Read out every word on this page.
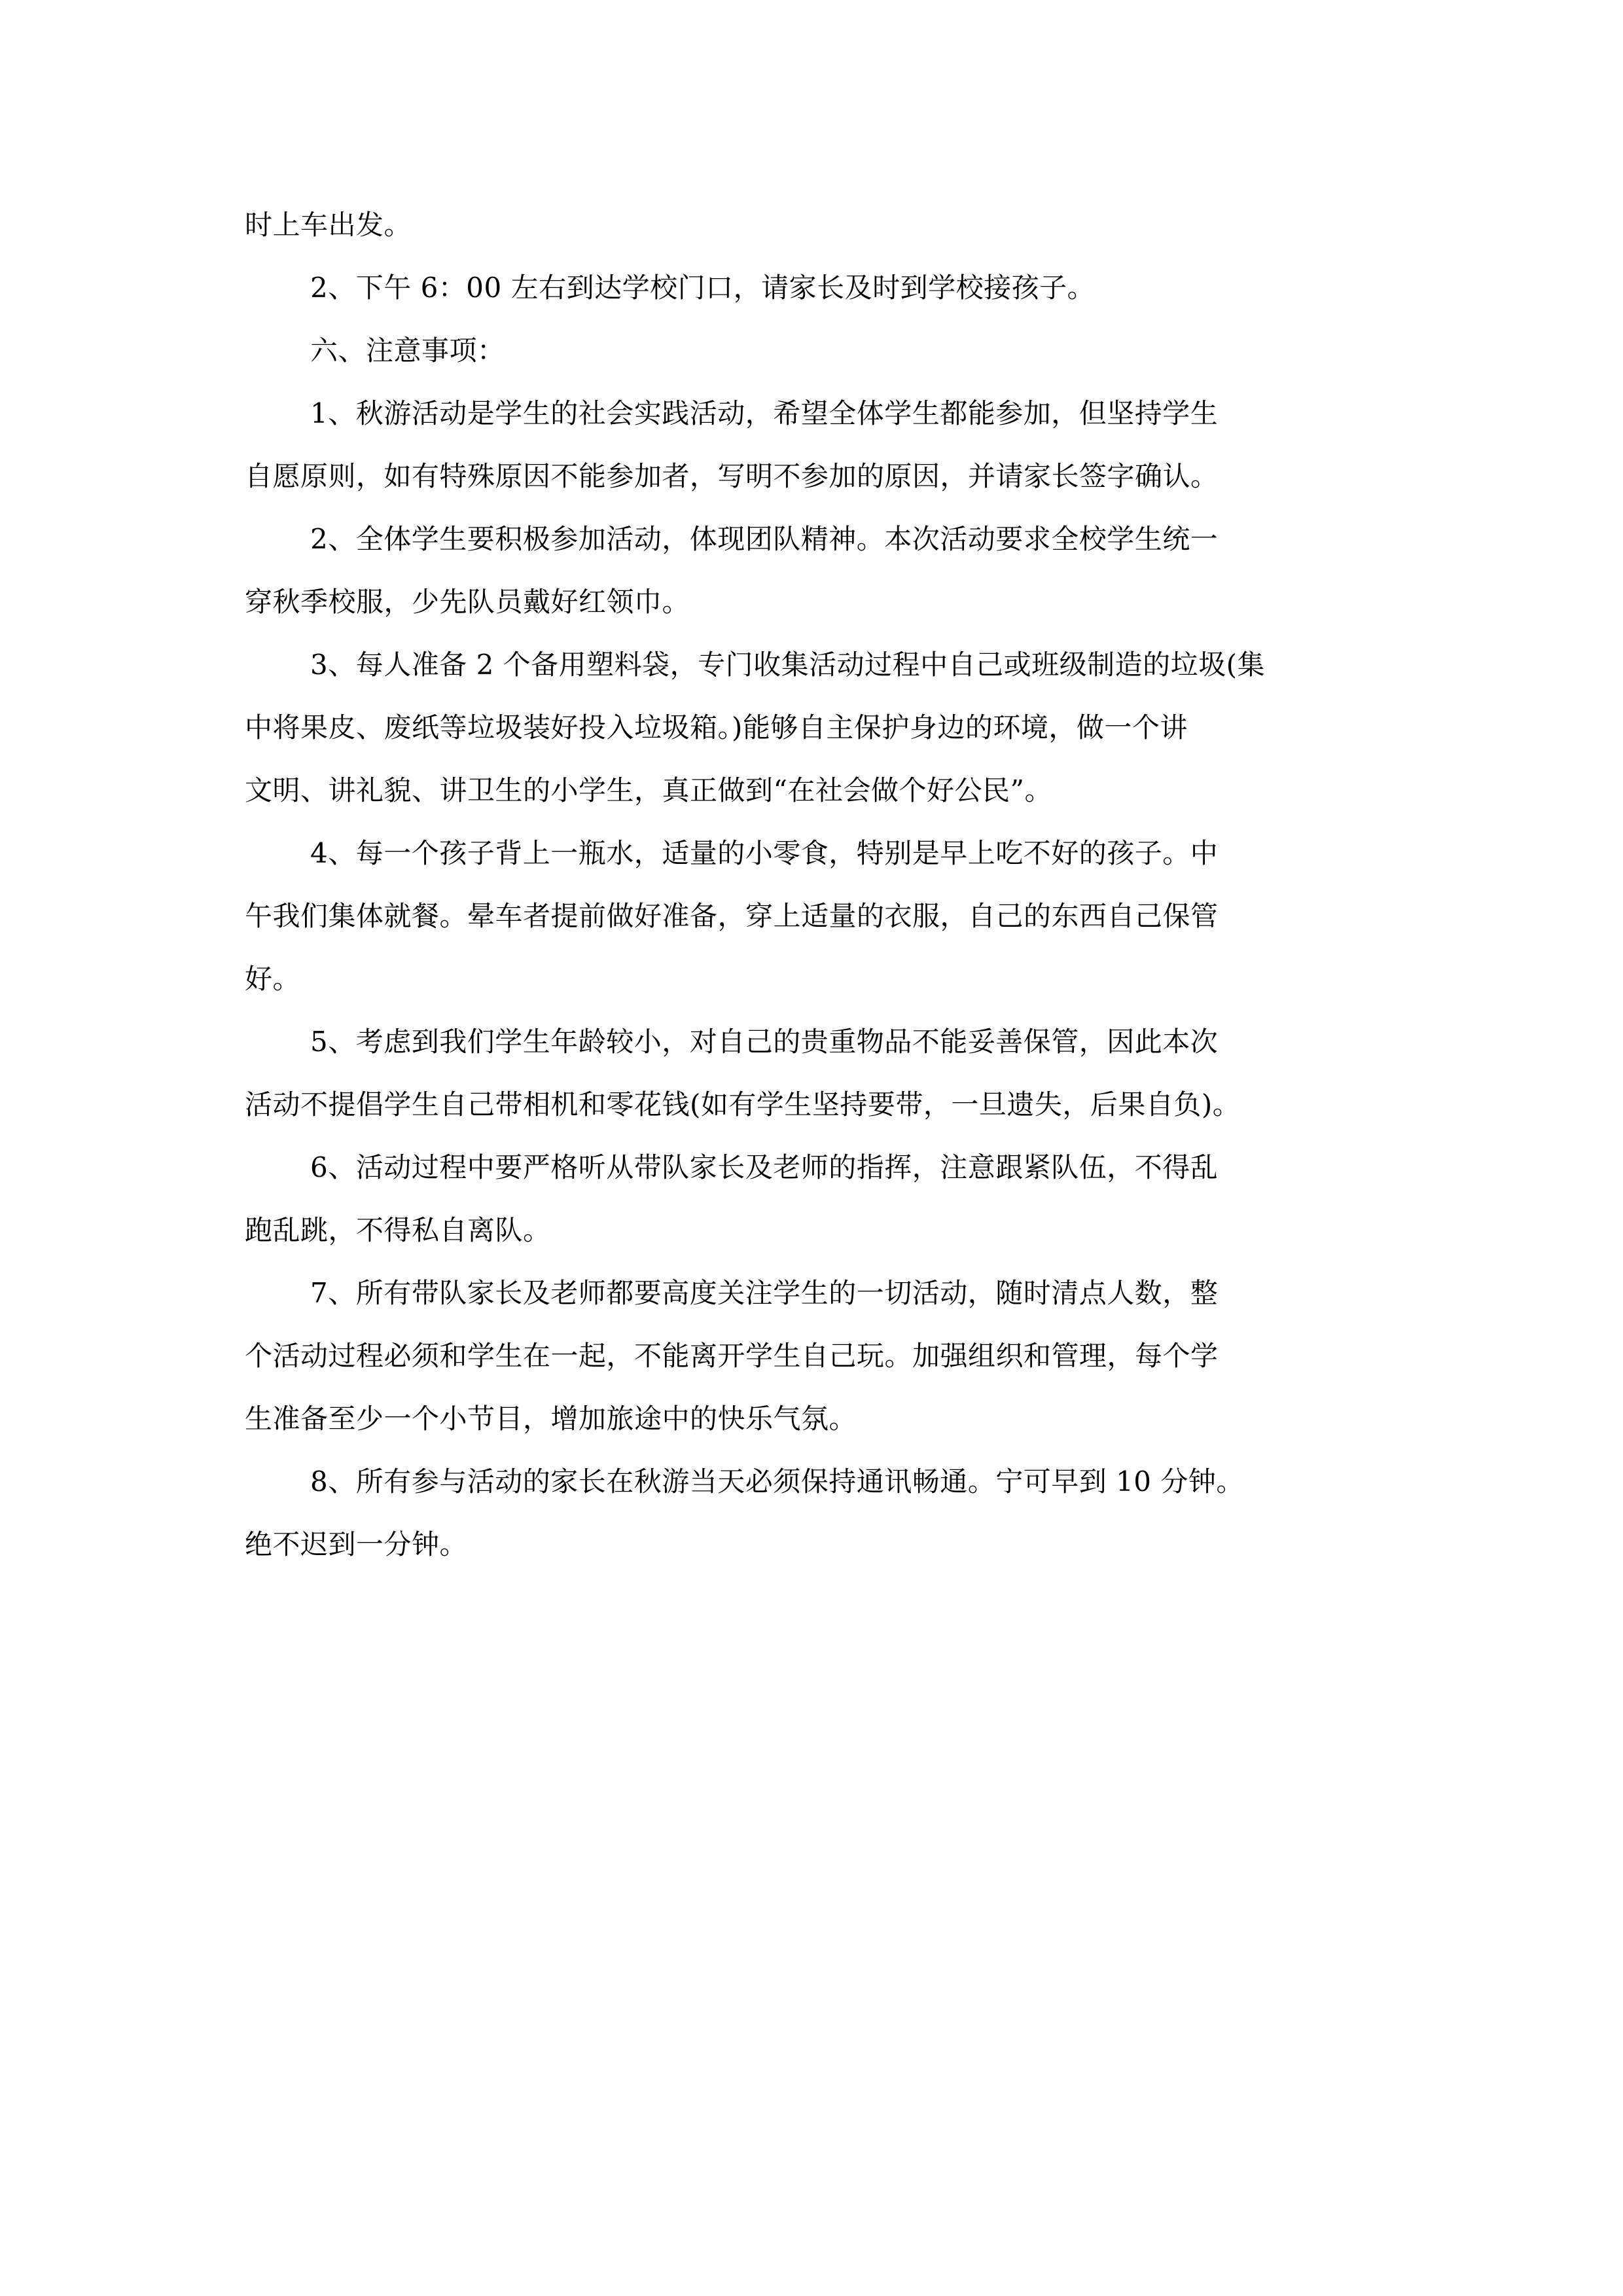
时上车出发。

2、下午 6：00 左右到达学校门口，请家长及时到学校接孩子。

六、注意事项：

1、秋游活动是学生的社会实践活动，希望全体学生都能参加，但坚持学生
自愿原则，如有特殊原因不能参加者，写明不参加的原因，并请家长签字确认。

2、全体学生要积极参加活动，体现团队精神。本次活动要求全校学生统一
穿秋季校服，少先队员戴好红领巾。

3、每人准备 2 个备用塑料袋，专门收集活动过程中自己或班级制造的垃圾(集
中将果皮、废纸等垃圾装好投入垃圾箱。)能够自主保护身边的环境，做一个讲
文明、讲礼貌、讲卫生的小学生，真正做到“在社会做个好公民”。

4、每一个孩子背上一瓶水，适量的小零食，特别是早上吃不好的孩子。中
午我们集体就餐。晕车者提前做好准备，穿上适量的衣服，自己的东西自己保管
好。

5、考虑到我们学生年龄较小，对自己的贵重物品不能妥善保管，因此本次
活动不提倡学生自己带相机和零花钱(如有学生坚持要带，一旦遗失，后果自负)。

6、活动过程中要严格听从带队家长及老师的指挥，注意跟紧队伍，不得乱
跑乱跳，不得私自离队。

7、所有带队家长及老师都要高度关注学生的一切活动，随时清点人数，整
个活动过程必须和学生在一起，不能离开学生自己玩。加强组织和管理，每个学
生准备至少一个小节目，增加旅途中的快乐气氛。

8、所有参与活动的家长在秋游当天必须保持通讯畅通。宁可早到 10 分钟。
绝不迟到一分钟。
